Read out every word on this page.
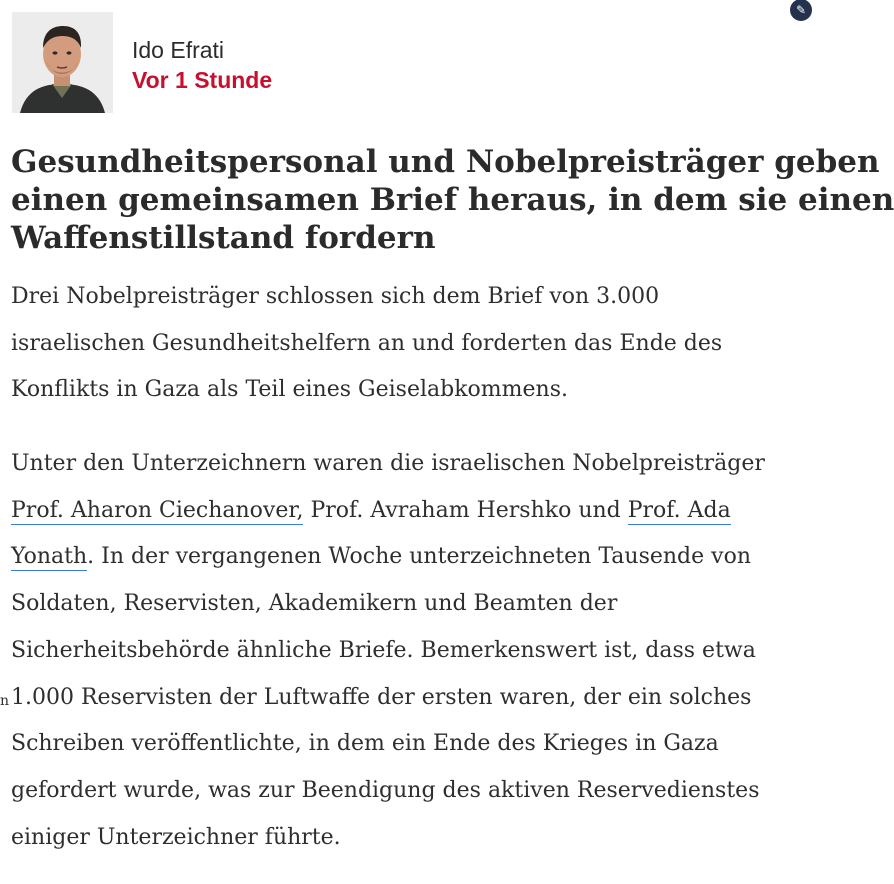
Ido Efrati
Vor 1 Stunde
✎
Gesundheitspersonal und Nobelpreisträger geben
einen gemeinsamen Brief heraus, in dem sie einen
Waffenstillstand fordern

Drei Nobelpreisträger schlossen sich dem Brief von 3.000
israelischen Gesundheitshelfern an und forderten das Ende des
Konflikts in Gaza als Teil eines Geiselabkommens.

Unter den Unterzeichnern waren die israelischen Nobelpreisträger
Prof. Aharon Ciechanover, Prof. Avraham Hershko und Prof. Ada
Yonath. In der vergangenen Woche unterzeichneten Tausende von
Soldaten, Reservisten, Akademikern und Beamten der
Sicherheitsbehörde ähnliche Briefe. Bemerkenswert ist, dass etwa
1.000 Reservisten der Luftwaffe der ersten waren, der ein solches
Schreiben veröffentlichte, in dem ein Ende des Krieges in Gaza
gefordert wurde, was zur Beendigung des aktiven Reservedienstes
einiger Unterzeichner führte.

n
